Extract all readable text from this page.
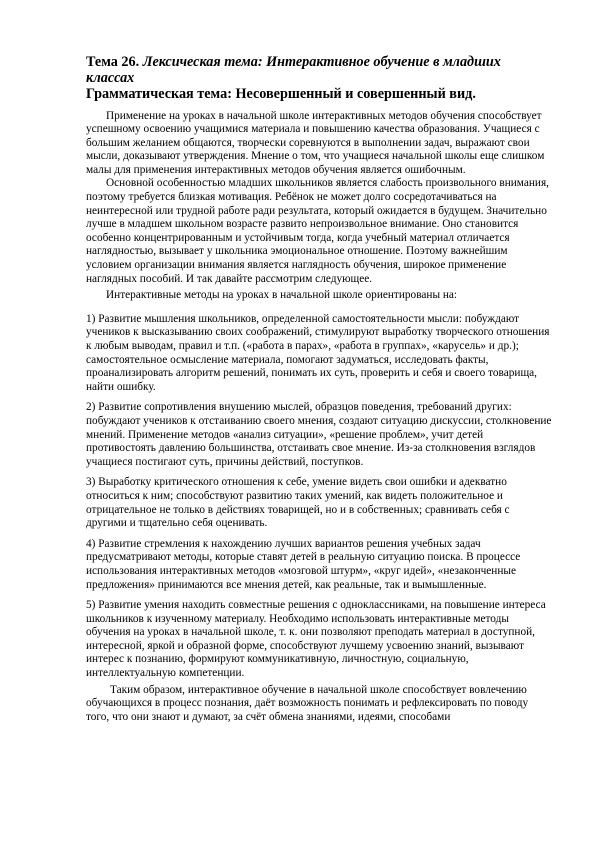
Тема 26. Лексическая тема: Интерактивное обучение в младших классах

Грамматическая тема: Несовершенный и совершенный вид.

Применение на уроках в начальной школе интерактивных методов обучения способствует успешному освоению учащимися материала и повышению качества образования. Учащиеся с большим желанием общаются, творчески соревнуются в выполнении задач, выражают свои мысли, доказывают утверждения. Мнение о том, что учащиеся начальной школы еще слишком малы для применения интерактивных методов обучения является ошибочным.

Основной особенностью младших школьников является слабость произвольного внимания, поэтому требуется близкая мотивация. Ребёнок не может долго сосредотачиваться на неинтересной или трудной работе ради результата, который ожидается в будущем. Значительно лучше в младшем школьном возрасте развито непроизвольное внимание. Оно становится особенно концентрированным и устойчивым тогда, когда учебный материал отличается наглядностью, вызывает у школьника эмоциональное отношение. Поэтому важнейшим условием организации внимания является наглядность обучения, широкое применение наглядных пособий. И так давайте рассмотрим следующее.

Интерактивные методы на уроках в начальной школе ориентированы на:

1) Развитие мышления школьников, определенной самостоятельности мысли: побуждают учеников к высказыванию своих соображений, стимулируют выработку творческого отношения к любым выводам, правил и т.п. («работа в парах», «работа в группах», «карусель» и др.); самостоятельное осмысление материала, помогают задуматься, исследовать факты, проанализировать алгоритм решений, понимать их суть, проверить и себя и своего товарища, найти ошибку.

2) Развитие сопротивления внушению мыслей, образцов поведения, требований других: побуждают учеников к отстаиванию своего мнения, создают ситуацию дискуссии, столкновение мнений. Применение методов «анализ ситуации», «решение проблем», учит детей противостоять давлению большинства, отстаивать свое мнение. Из-за столкновения взглядов учащиеся постигают суть, причины действий, поступков.

3) Выработку критического отношения к себе, умение видеть свои ошибки и адекватно относиться к ним; способствуют развитию таких умений, как видеть положительное и отрицательное не только в действиях товарищей, но и в собственных; сравнивать себя с другими и тщательно себя оценивать.

4) Развитие стремления к нахождению лучших вариантов решения учебных задач предусматривают методы, которые ставят детей в реальную ситуацию поиска. В процессе использования интерактивных методов «мозговой штурм», «круг идей», «незаконченные предложения» принимаются все мнения детей, как реальные, так и вымышленные.

5) Развитие умения находить совместные решения с одноклассниками, на повышение интереса школьников к изученному материалу. Необходимо использовать интерактивные методы обучения на уроках в начальной школе, т. к. они позволяют преподать материал в доступной, интересной, яркой и образной форме, способствуют лучшему усвоению знаний, вызывают интерес к познанию, формируют коммуникативную, личностную, социальную, интеллектуальную компетенции.

Таким образом, интерактивное обучение в начальной школе способствует вовлечению обучающихся в процесс познания, даёт возможность понимать и рефлексировать по поводу того, что они знают и думают, за счёт обмена знаниями, идеями, способами
